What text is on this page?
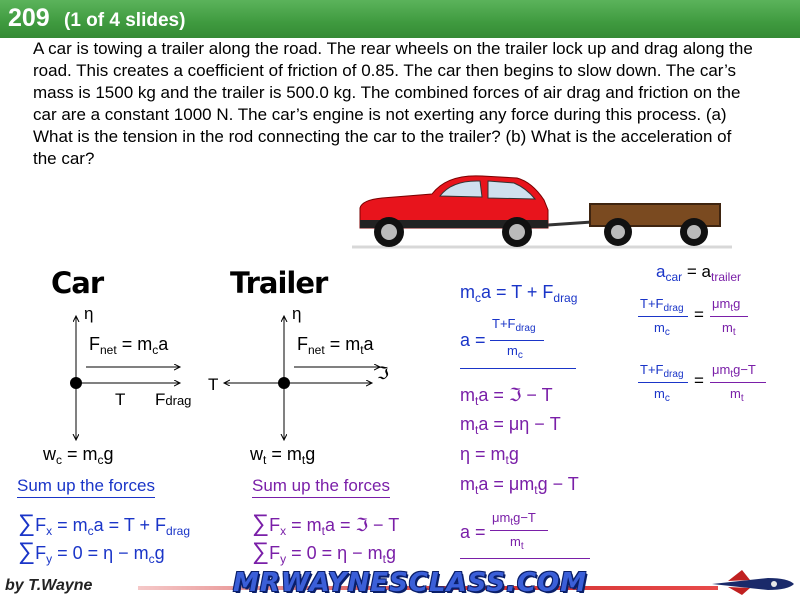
209 (1 of 4 slides)
A car is towing a trailer along the road. The rear wheels on the trailer lock up and drag along the road. This creates a coefficient of friction of 0.85. The car then begins to slow down. The car’s mass is 1500 kg and the trailer is 500.0 kg. The combined forces of air drag and friction on the car are a constant 1000 N. The car’s engine is not exerting any force during this process. (a) What is the tension in the rod connecting the car to the trailer? (b) What is the acceleration of the car?
Car
η
$F_{net} = m_ca$
T Fdrag
$w_c = m_cg$
Sum up the forces
$\sum F_x = m_ca = T + F_{drag}$
$\sum F_y = 0 = \eta - m_cg$
Trailer
η
$F_{net} = m_ta$
T
ℑ
$w_t = m_tg$
Sum up the forces
$\sum F_x = m_ta$ = ℑ − T
$\sum F_y = 0 = \eta - m_tg$
$m_ca = T + F_{drag}$
a =
$T+F_{drag}$
$m_c$
$m_ta$ = ℑ − T
$m_ta = \mu\eta - T$
$\eta = m_tg$
$m_ta = \mu m_tg - T$
a =
$\mu m_tg-T$
$m_t$
$a_{car} = a_{trailer}$
$T+F_{drag}$
$m_c$
=
$\mu m_tg$
$m_t$
$T+F_{drag}$
$m_c$
=
$\mu m_tg-T$
$m_t$
by T.Wayne	MRWAYNESCLASS.COM
